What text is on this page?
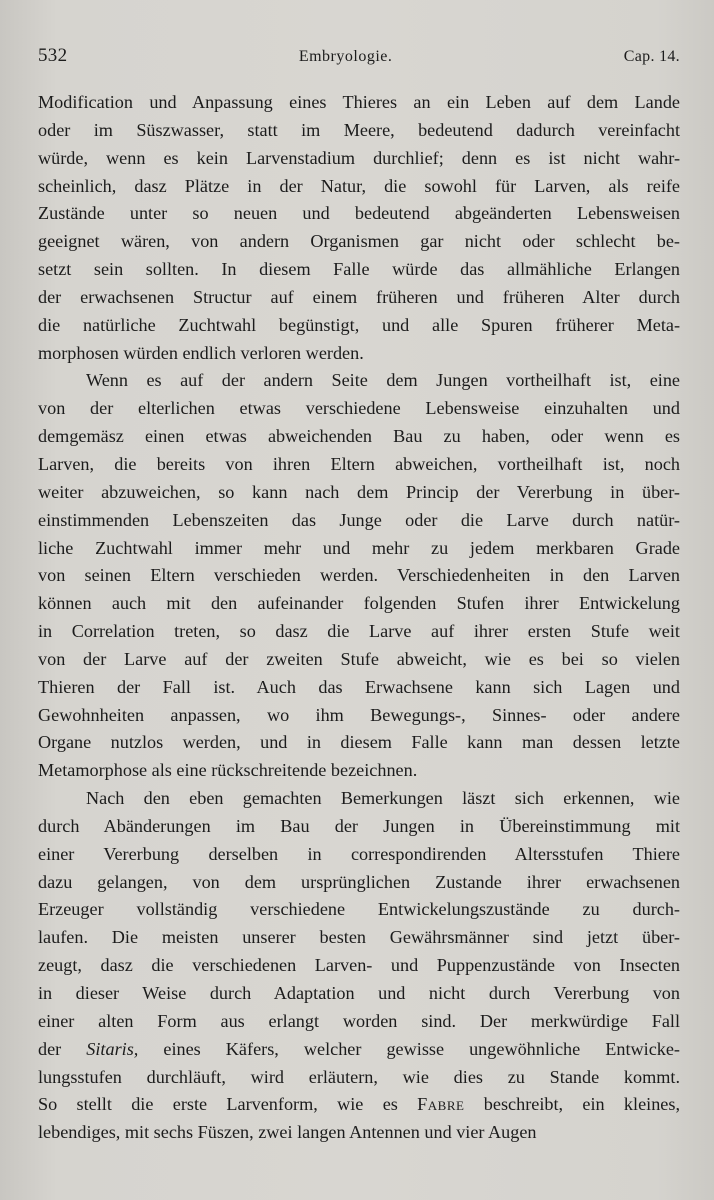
532	Embryologie.	Cap. 14.
Modification und Anpassung eines Thieres an ein Leben auf dem Lande
oder im Süszwasser, statt im Meere, bedeutend dadurch vereinfacht
würde, wenn es kein Larvenstadium durchlief; denn es ist nicht wahr-
scheinlich, dasz Plätze in der Natur, die sowohl für Larven, als reife
Zustände unter so neuen und bedeutend abgeänderten Lebensweisen
geeignet wären, von andern Organismen gar nicht oder schlecht be-
setzt sein sollten. In diesem Falle würde das allmähliche Erlangen
der erwachsenen Structur auf einem früheren und früheren Alter durch
die natürliche Zuchtwahl begünstigt, und alle Spuren früherer Meta-
morphosen würden endlich verloren werden.
Wenn es auf der andern Seite dem Jungen vortheilhaft ist, eine
von der elterlichen etwas verschiedene Lebensweise einzuhalten und
demgemäsz einen etwas abweichenden Bau zu haben, oder wenn es
Larven, die bereits von ihren Eltern abweichen, vortheilhaft ist, noch
weiter abzuweichen, so kann nach dem Princip der Vererbung in über-
einstimmenden Lebenszeiten das Junge oder die Larve durch natür-
liche Zuchtwahl immer mehr und mehr zu jedem merkbaren Grade
von seinen Eltern verschieden werden. Verschiedenheiten in den Larven
können auch mit den aufeinander folgenden Stufen ihrer Entwickelung
in Correlation treten, so dasz die Larve auf ihrer ersten Stufe weit
von der Larve auf der zweiten Stufe abweicht, wie es bei so vielen
Thieren der Fall ist. Auch das Erwachsene kann sich Lagen und
Gewohnheiten anpassen, wo ihm Bewegungs-, Sinnes- oder andere
Organe nutzlos werden, und in diesem Falle kann man dessen letzte
Metamorphose als eine rückschreitende bezeichnen.
Nach den eben gemachten Bemerkungen läszt sich erkennen, wie
durch Abänderungen im Bau der Jungen in Übereinstimmung mit
einer Vererbung derselben in correspondirenden Altersstufen Thiere
dazu gelangen, von dem ursprünglichen Zustande ihrer erwachsenen
Erzeuger vollständig verschiedene Entwickelungszustände zu durch-
laufen. Die meisten unserer besten Gewährsmänner sind jetzt über-
zeugt, dasz die verschiedenen Larven- und Puppenzustände von Insecten
in dieser Weise durch Adaptation und nicht durch Vererbung von
einer alten Form aus erlangt worden sind. Der merkwürdige Fall
der Sitaris, eines Käfers, welcher gewisse ungewöhnliche Entwicke-
lungsstufen durchläuft, wird erläutern, wie dies zu Stande kommt.
So stellt die erste Larvenform, wie es Fabre beschreibt, ein kleines,
lebendiges, mit sechs Füszen, zwei langen Antennen und vier Augen
